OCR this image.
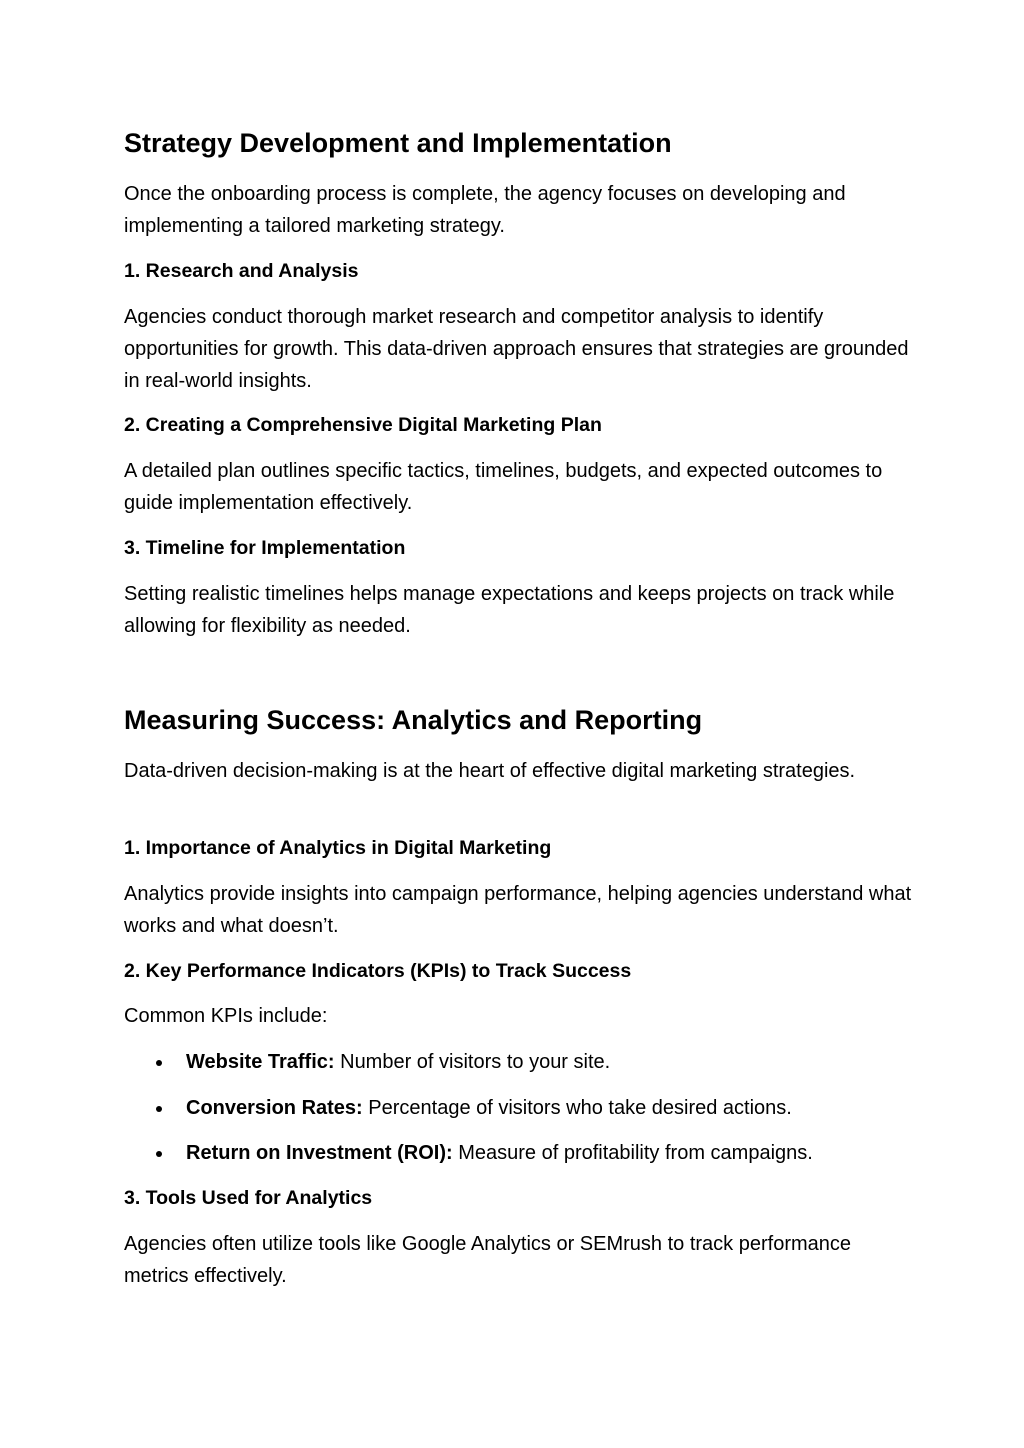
Strategy Development and Implementation

Once the onboarding process is complete, the agency focuses on developing and implementing a tailored marketing strategy.

1. Research and Analysis

Agencies conduct thorough market research and competitor analysis to identify opportunities for growth. This data-driven approach ensures that strategies are grounded in real-world insights.

2. Creating a Comprehensive Digital Marketing Plan

A detailed plan outlines specific tactics, timelines, budgets, and expected outcomes to guide implementation effectively.

3. Timeline for Implementation

Setting realistic timelines helps manage expectations and keeps projects on track while allowing for flexibility as needed.

Measuring Success: Analytics and Reporting

Data-driven decision-making is at the heart of effective digital marketing strategies.

1. Importance of Analytics in Digital Marketing

Analytics provide insights into campaign performance, helping agencies understand what works and what doesn’t.

2. Key Performance Indicators (KPIs) to Track Success

Common KPIs include:

Website Traffic: Number of visitors to your site.
Conversion Rates: Percentage of visitors who take desired actions.
Return on Investment (ROI): Measure of profitability from campaigns.
3. Tools Used for Analytics

Agencies often utilize tools like Google Analytics or SEMrush to track performance metrics effectively.
